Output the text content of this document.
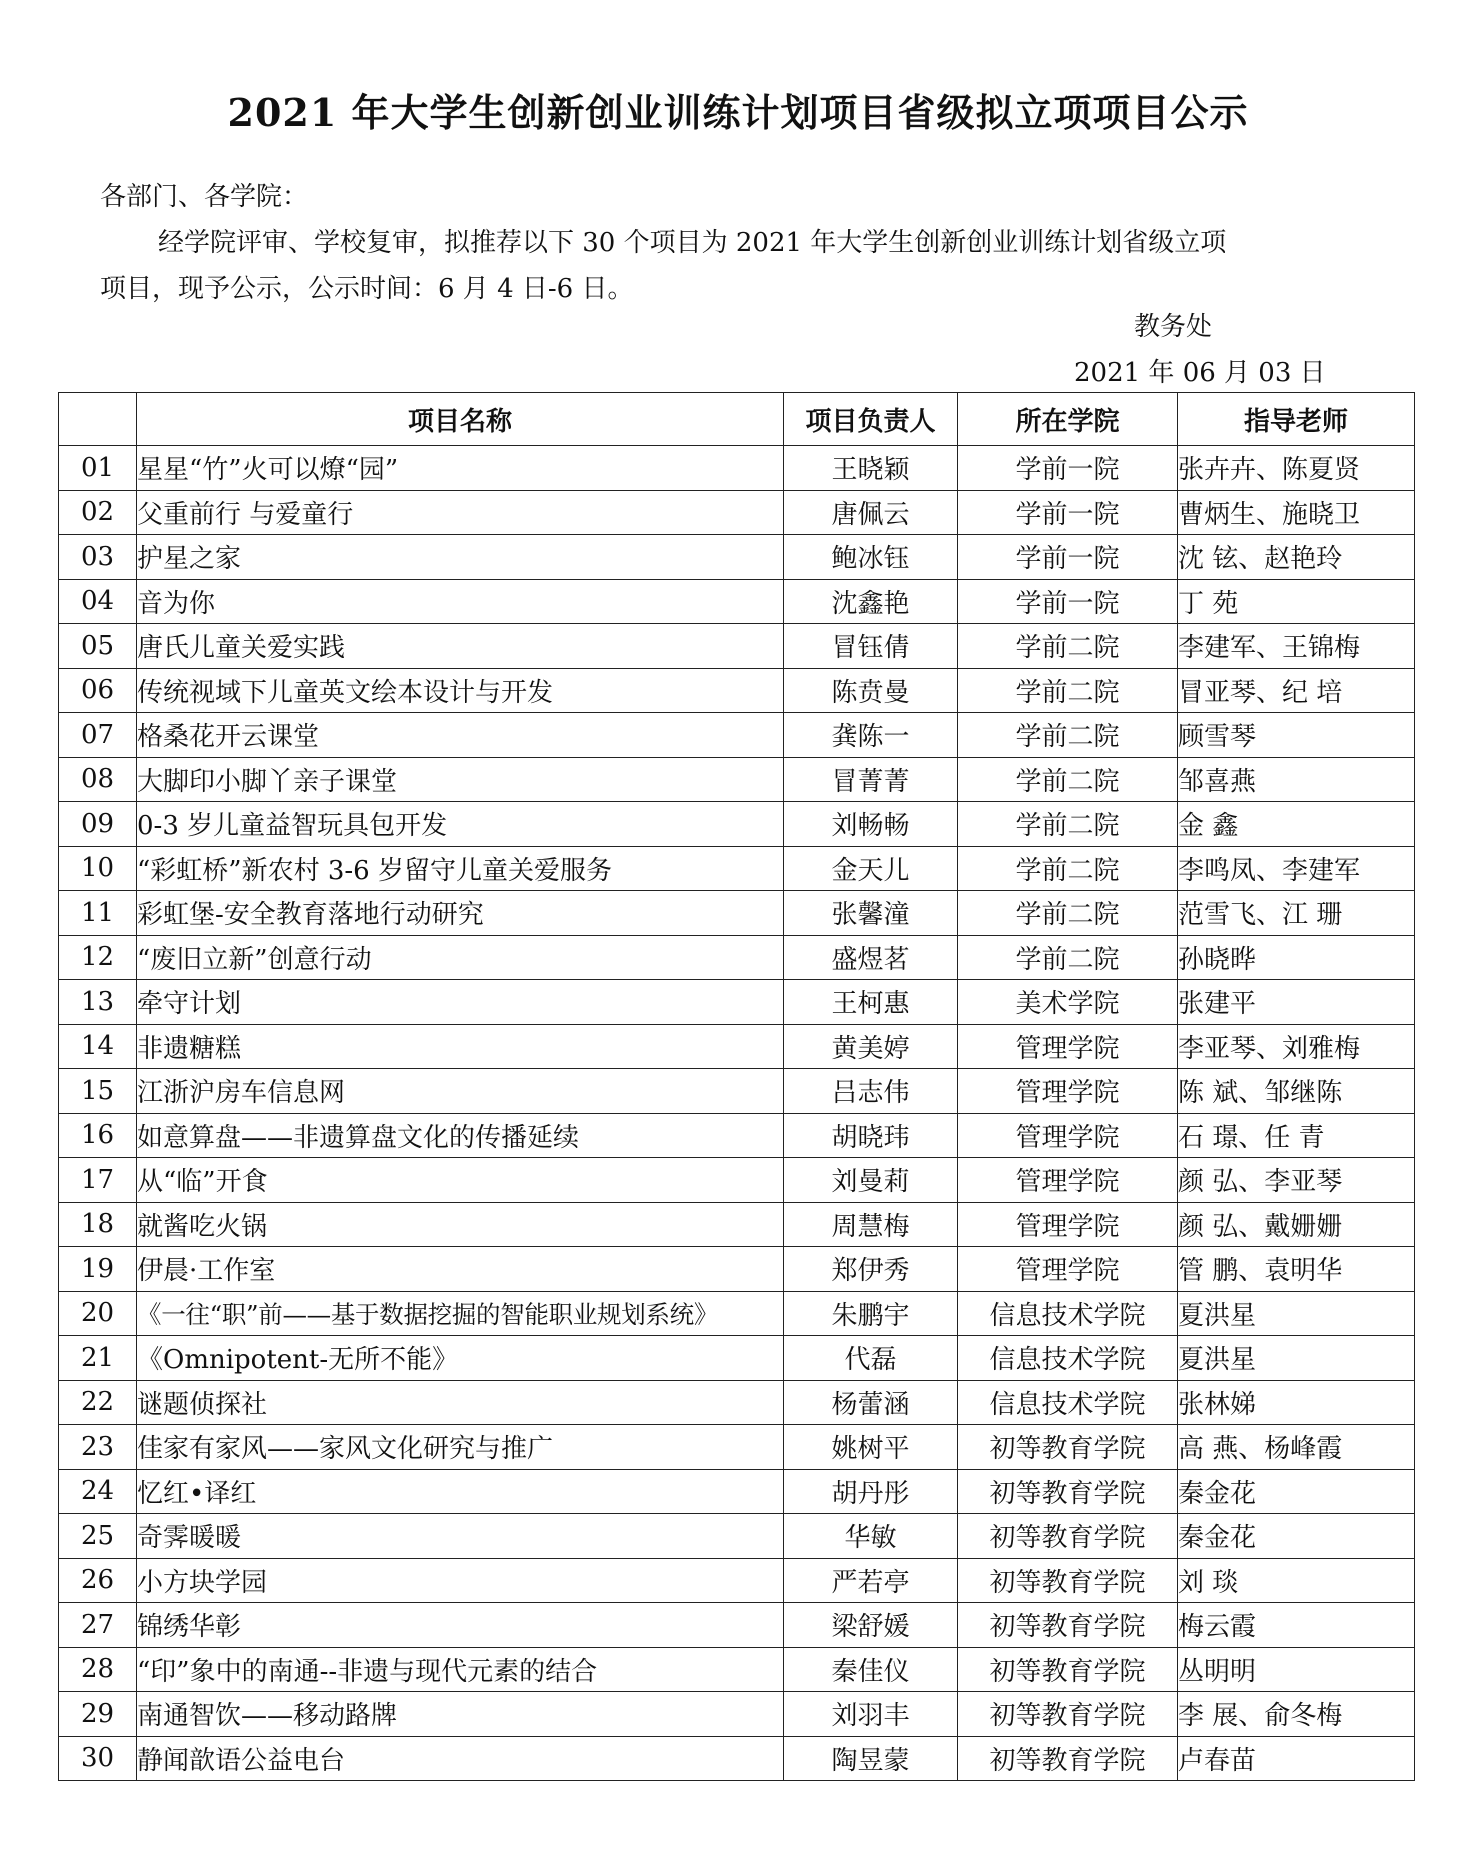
2021 年大学生创新创业训练计划项目省级拟立项项目公示
各部门、各学院：
经学院评审、学校复审，拟推荐以下 30 个项目为 2021 年大学生创新创业训练计划省级立项
项目，现予公示，公示时间：6 月 4 日-6 日。
教务处
2021 年 06 月 03 日
	项目名称	项目负责人	所在学院	指导老师
01	星星“竹”火可以燎“园”	王晓颖	学前一院	张卉卉、陈夏贤
02	父重前行 与爱童行	唐佩云	学前一院	曹炳生、施晓卫
03	护星之家	鲍冰钰	学前一院	沈 铉、赵艳玲
04	音为你	沈鑫艳	学前一院	丁 苑
05	唐氏儿童关爱实践	冒钰倩	学前二院	李建军、王锦梅
06	传统视域下儿童英文绘本设计与开发	陈贲曼	学前二院	冒亚琴、纪 培
07	格桑花开云课堂	龚陈一	学前二院	顾雪琴
08	大脚印小脚丫亲子课堂	冒菁菁	学前二院	邹喜燕
09	0-3 岁儿童益智玩具包开发	刘畅畅	学前二院	金 鑫
10	“彩虹桥”新农村 3-6 岁留守儿童关爱服务	金天儿	学前二院	李鸣凤、李建军
11	彩虹堡-安全教育落地行动研究	张馨潼	学前二院	范雪飞、江 珊
12	“废旧立新”创意行动	盛煜茗	学前二院	孙晓晔
13	牵守计划	王柯惠	美术学院	张建平
14	非遗糖糕	黄美婷	管理学院	李亚琴、刘雅梅
15	江浙沪房车信息网	吕志伟	管理学院	陈 斌、邹继陈
16	如意算盘——非遗算盘文化的传播延续	胡晓玮	管理学院	石 璟、任 青
17	从“临”开食	刘曼莉	管理学院	颜 弘、李亚琴
18	就酱吃火锅	周慧梅	管理学院	颜 弘、戴姗姗
19	伊晨·工作室	郑伊秀	管理学院	管 鹏、袁明华
20	《一往“职”前——基于数据挖掘的智能职业规划系统》	朱鹏宇	信息技术学院	夏洪星
21	《Omnipotent-无所不能》	代磊	信息技术学院	夏洪星
22	谜题侦探社	杨蕾涵	信息技术学院	张林娣
23	佳家有家风——家风文化研究与推广	姚树平	初等教育学院	高 燕、杨峰霞
24	忆红•译红	胡丹彤	初等教育学院	秦金花
25	奇霁暖暖	华敏	初等教育学院	秦金花
26	小方块学园	严若亭	初等教育学院	刘 琰
27	锦绣华彰	梁舒媛	初等教育学院	梅云霞
28	“印”象中的南通--非遗与现代元素的结合	秦佳仪	初等教育学院	丛明明
29	南通智饮——移动路牌	刘羽丰	初等教育学院	李 展、俞冬梅
30	静闻歆语公益电台	陶昱蒙	初等教育学院	卢春苗
